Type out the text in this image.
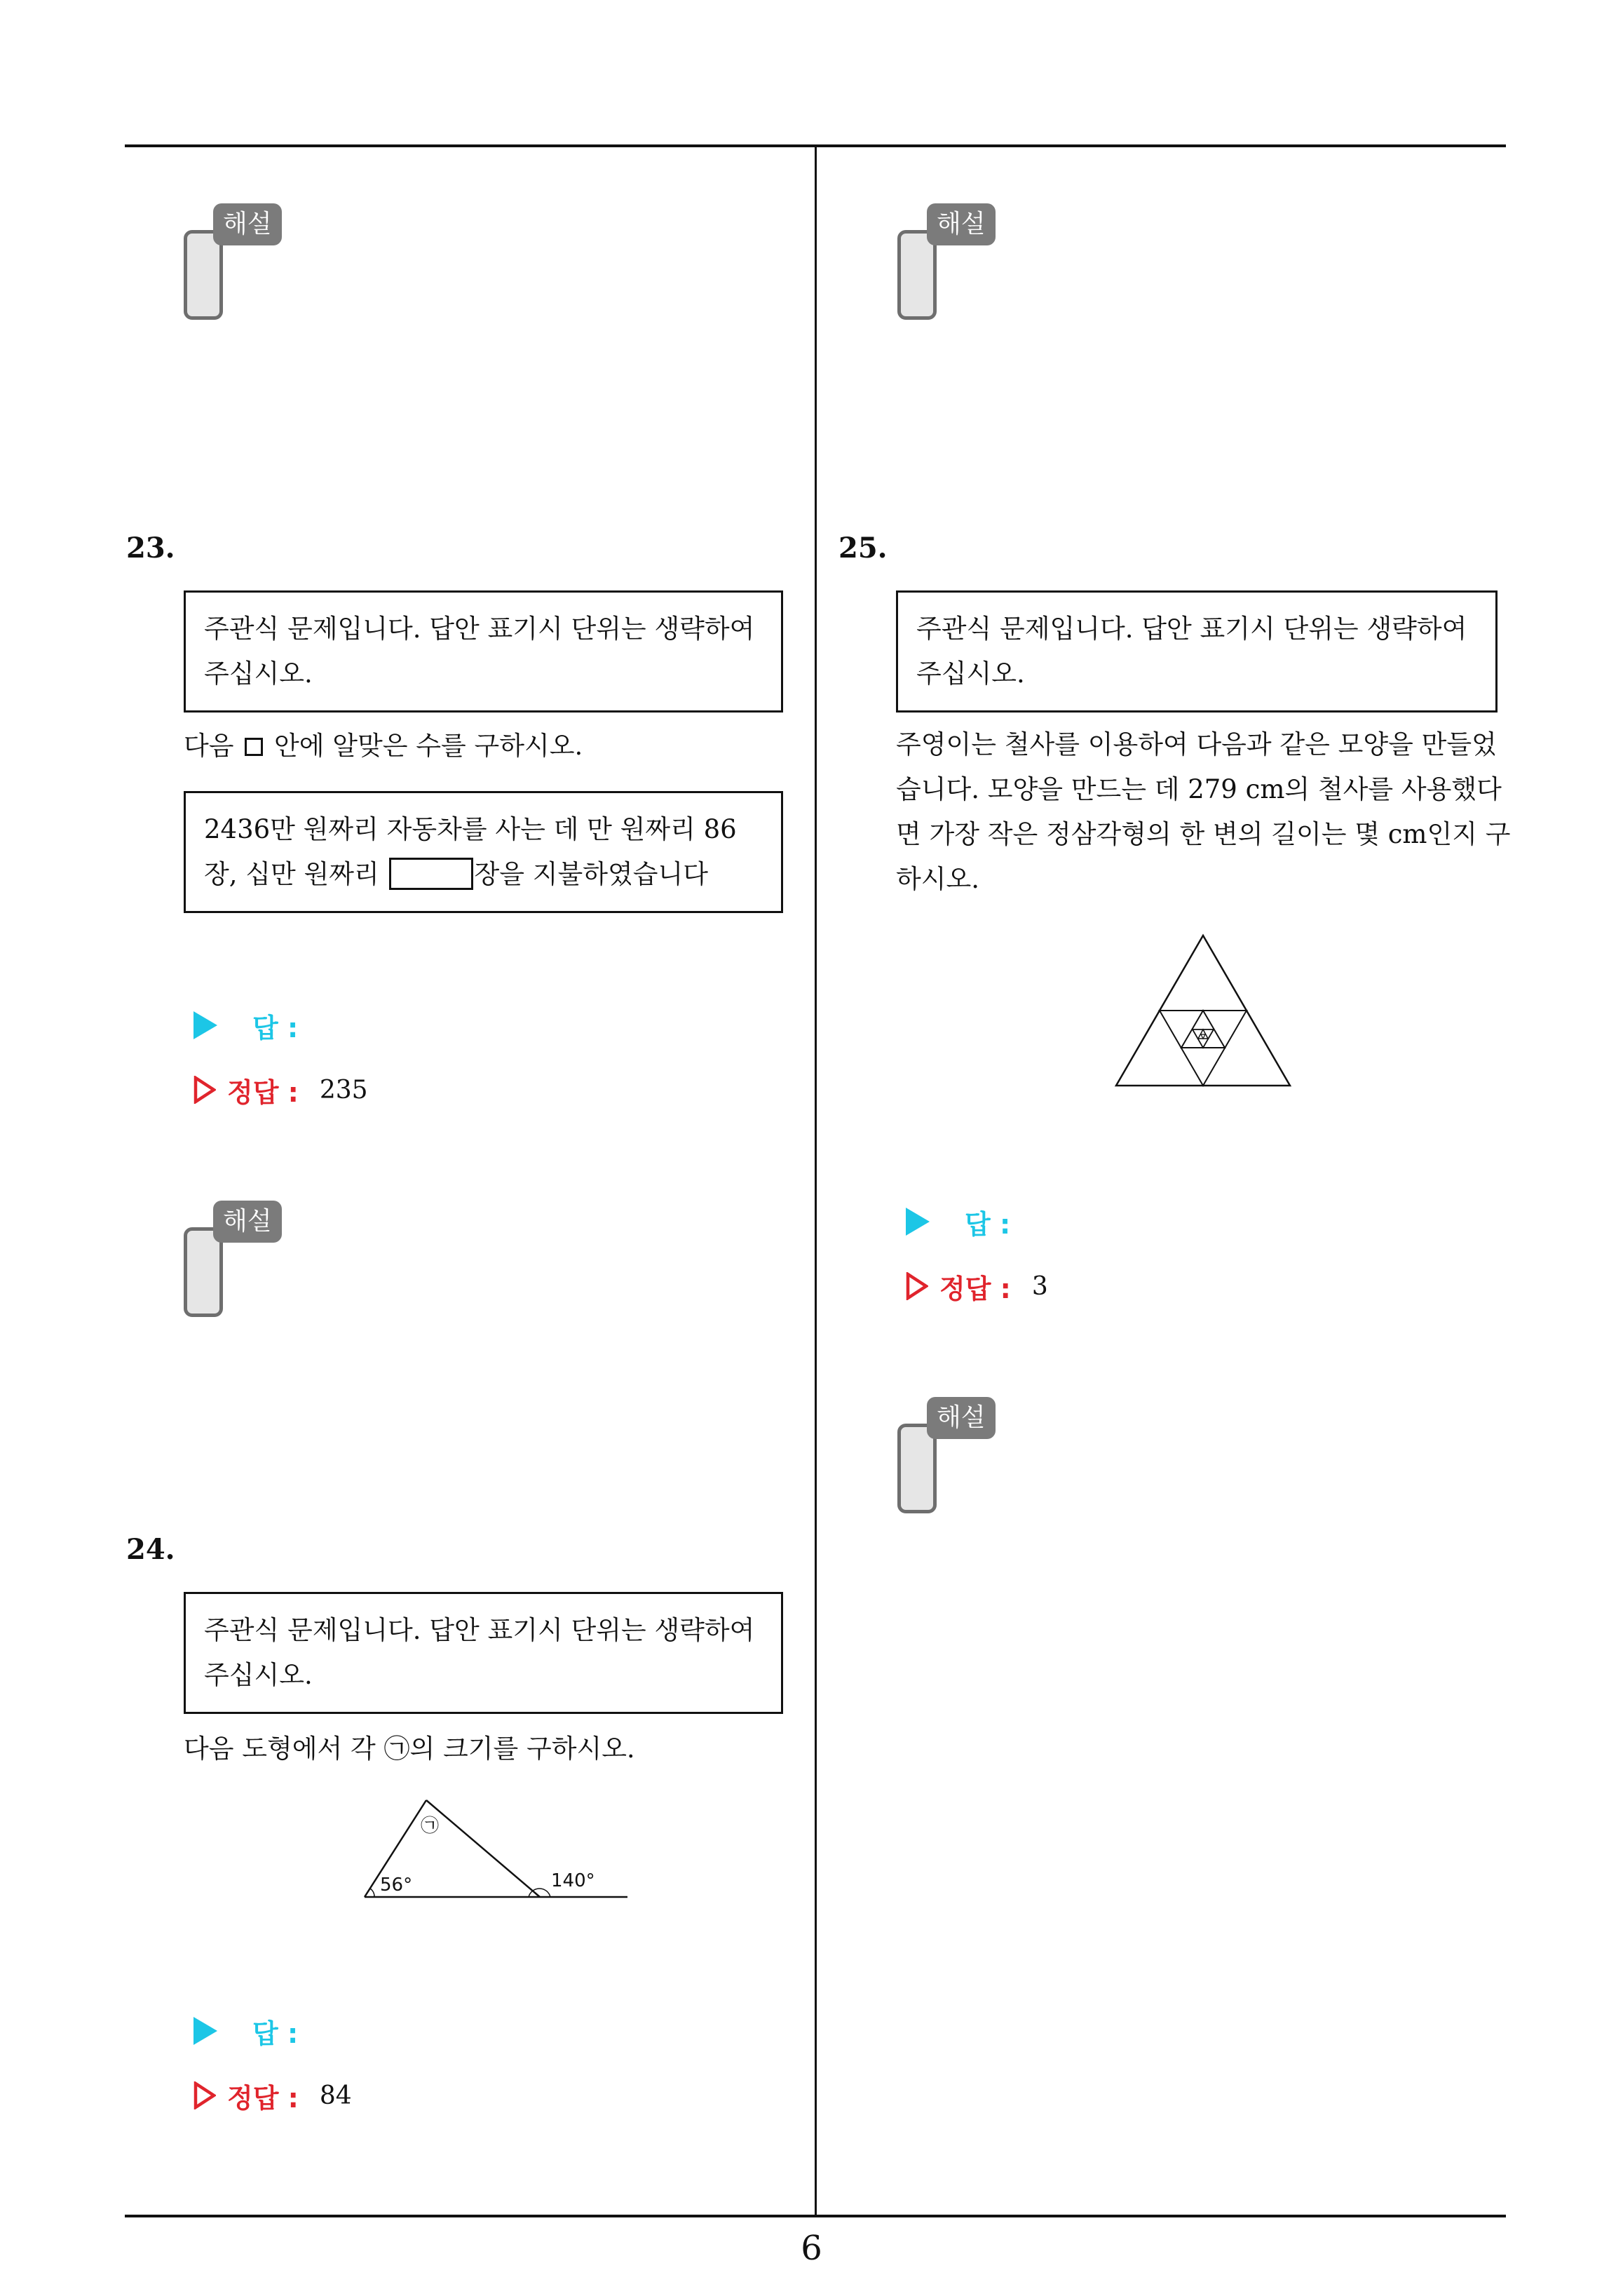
해설
23.
주관식 문제입니다. 답안 표기시 단위는 생략하여 주십시오.
다음 안에 알맞은 수를 구하시오.
2436만 원짜리 자동차를 사는 데 만 원짜리 86
장, 십만 원짜리	장을 지불하였습니다
답 :
정답 : 235
해설
24.
주관식 문제입니다. 답안 표기시 단위는 생략하여 주십시오.
다음 도형에서 각 ㉠의 크기를 구하시오.
㉠
56°	140°
답 :
정답 : 84
해설
25.
주관식 문제입니다. 답안 표기시 단위는 생략하여 주십시오.
주영이는 철사를 이용하여 다음과 같은 모양을 만들었습니다. 모양을 만드는 데 279 cm의 철사를 사용했다면 가장 작은 정삼각형의 한 변의 길이는 몇 cm인지 구하시오.
답 :
정답 : 3
해설
6
